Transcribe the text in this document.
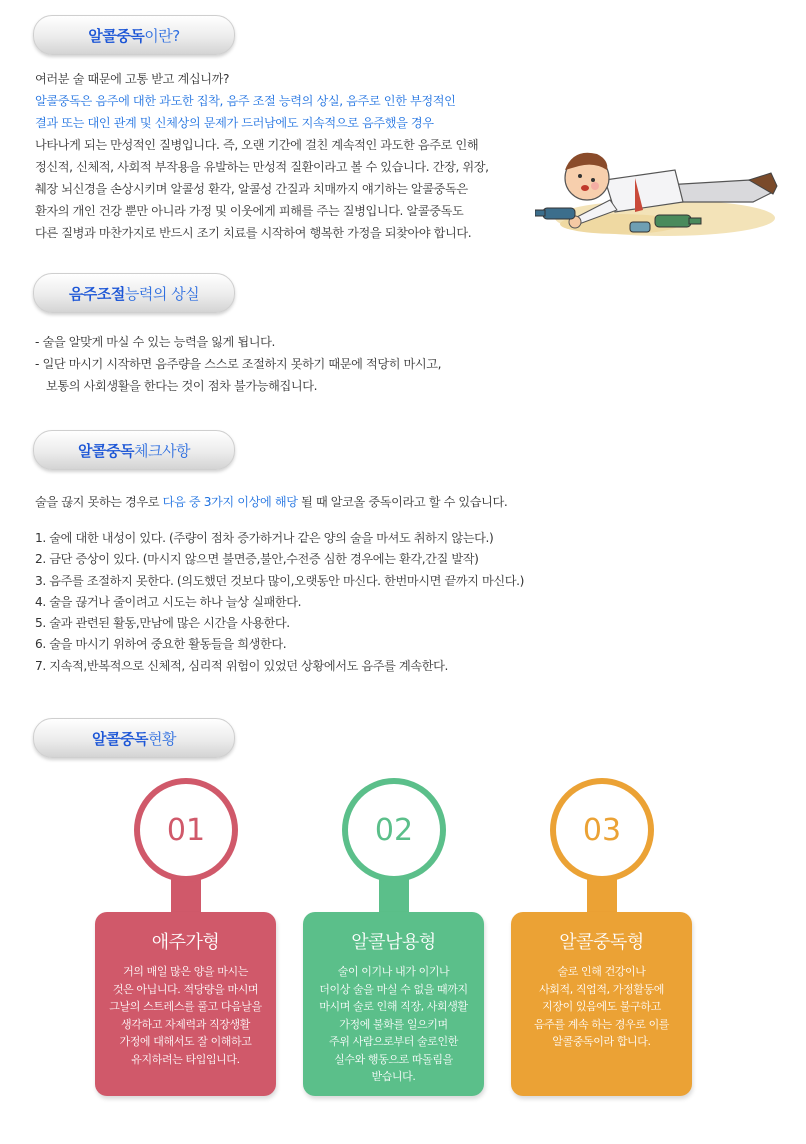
알콜중독 이란?

여러분 술 때문에 고통 받고 계십니까?

알콜중독은 음주에 대한 과도한 집착, 음주 조절 능력의 상실, 음주로 인한 부정적인

결과 또는 대인 관계 및 신체상의 문제가 드러남에도 지속적으로 음주했을 경우

나타나게 되는 만성적인 질병입니다. 즉, 오랜 기간에 걸친 계속적인 과도한 음주로 인해

정신적, 신체적, 사회적 부작용을 유발하는 만성적 질환이라고 볼 수 있습니다. 간장, 위장,

췌장 뇌신경을 손상시키며 알콜성 환각, 알콜성 간질과 치매까지 얘기하는 알콜중독은

환자의 개인 건강 뿐만 아니라 가정 및 이웃에게 피해를 주는 질병입니다. 알콜중독도

다른 질병과 마찬가지로 반드시 조기 치료를 시작하여 행복한 가정을 되찾아야 합니다.

음주조절 능력의 상실

- 술을 알맞게 마실 수 있는 능력을 잃게 됩니다.

- 일단 마시기 시작하면 음주량을 스스로 조절하지 못하기 때문에 적당히 마시고,

보통의 사회생활을 한다는 것이 점차 불가능해집니다.

알콜중독 체크사항
술을 끊지 못하는 경우로 다음 중 3가지 이상에 해당 될 때 알코올 중독이라고 할 수 있습니다.
1. 술에 대한 내성이 있다. (주량이 점차 증가하거나 같은 양의 술을 마셔도 취하지 않는다.)
2. 금단 증상이 있다. (마시지 않으면 불면증,불안,수전증 심한 경우에는 환각,간질 발작)
3. 음주를 조절하지 못한다. (의도했던 것보다 많이,오랫동안 마신다. 한번마시면 끝까지 마신다.)
4. 술을 끊거나 줄이려고 시도는 하나 늘상 실패한다.
5. 술과 관련된 활동,만남에 많은 시간을 사용한다.
6. 술을 마시기 위하여 중요한 활동들을 희생한다.
7. 지속적,반복적으로 신체적, 심리적 위험이 있었던 상황에서도 음주를 계속한다.
알콜중독 현황
01
애주가형

거의 매일 많은 양을 마시는
것은 아닙니다. 적당량을 마시며
그날의 스트레스를 풀고 다음날을
생각하고 자제력과 직장생활
가정에 대해서도 잘 이해하고
유지하려는 타입입니다.

02
알콜남용형

술이 이기나 내가 이기나
더이상 술을 마실 수 없을 때까지
마시며 술로 인해 직장, 사회생활
가정에 불화를 일으키며
주위 사람으로부터 술로인한
실수와 행동으로 따돌림을
받습니다.

03
알콜중독형

술로 인해 건강이나
사회적, 직업적, 가정활동에
지장이 있음에도 불구하고
음주를 계속 하는 경우로 이를
알콜중독이라 합니다.
